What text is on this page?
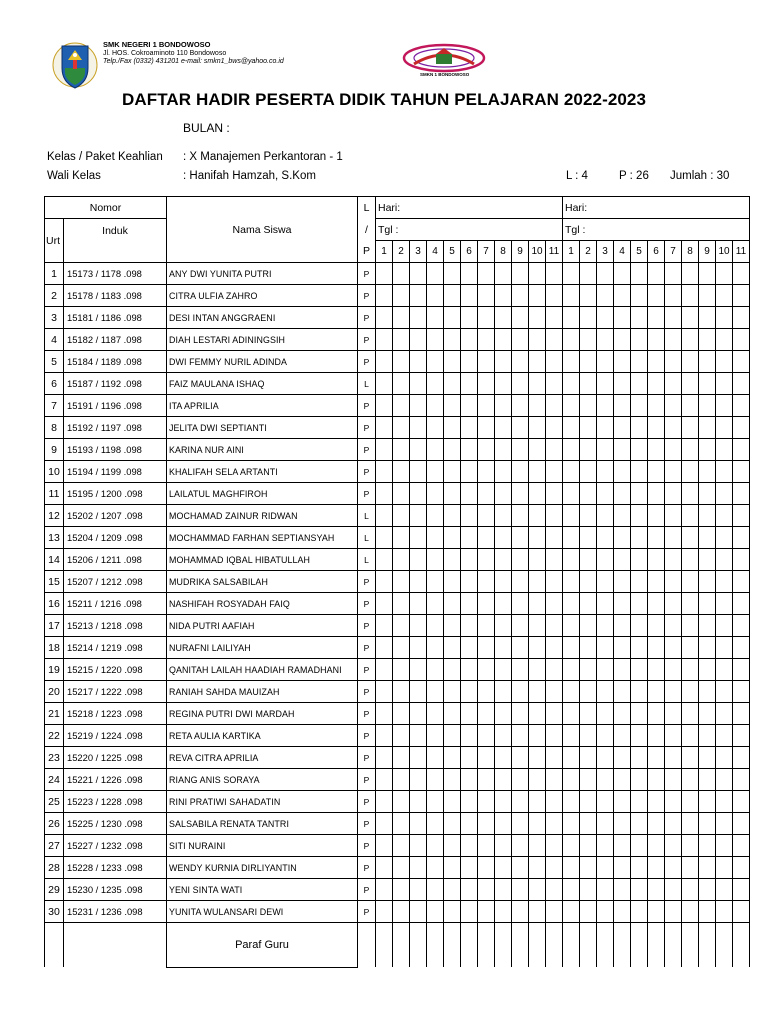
SMK NEGERI 1 BONDOWOSO
Jl. HOS. Cokroaminoto 110 Bondowoso
Telp./Fax (0332) 431201 e-mail: smkn1_bws@yahoo.co.id
SMKN 1 BONDOWOSO
DAFTAR HADIR PESERTA DIDIK TAHUN PELAJARAN 2022-2023
BULAN :
Kelas / Paket Keahlian : X Manajemen Perkantoran - 1
Wali Kelas	: Hanifah Hamzah, S.Kom	L : 4	P : 26 Jumlah : 30
Nomor		Nama Siswa	L	Hari:											Hari:										
Urt	Induk		/	Tgl :											Tgl :										
			P	1	2	3	4	5	6	7	8	9	10	11	1	2	3	4	5	6	7	8	9	10	11
1	15173 / 1178 .098	ANY DWI YUNITA PUTRI	P																						
2	15178 / 1183 .098	CITRA ULFIA ZAHRO	P																						
3	15181 / 1186 .098	DESI INTAN ANGGRAENI	P																						
4	15182 / 1187 .098	DIAH LESTARI ADININGSIH	P																						
5	15184 / 1189 .098	DWI FEMMY NURIL ADINDA	P																						
6	15187 / 1192 .098	FAIZ MAULANA ISHAQ	L																						
7	15191 / 1196 .098	ITA APRILIA	P																						
8	15192 / 1197 .098	JELITA DWI SEPTIANTI	P																						
9	15193 / 1198 .098	KARINA NUR AINI	P																						
10	15194 / 1199 .098	KHALIFAH SELA ARTANTI	P																						
11	15195 / 1200 .098	LAILATUL MAGHFIROH	P																						
12	15202 / 1207 .098	MOCHAMAD ZAINUR RIDWAN	L																						
13	15204 / 1209 .098	MOCHAMMAD FARHAN SEPTIANSYAH	L																						
14	15206 / 1211 .098	MOHAMMAD IQBAL HIBATULLAH	L																						
15	15207 / 1212 .098	MUDRIKA SALSABILAH	P																						
16	15211 / 1216 .098	NASHIFAH ROSYADAH FAIQ	P																						
17	15213 / 1218 .098	NIDA PUTRI AAFIAH	P																						
18	15214 / 1219 .098	NURAFNI LAILIYAH	P																						
19	15215 / 1220 .098	QANITAH LAILAH HAADIAH RAMADHANI	P																						
20	15217 / 1222 .098	RANIAH SAHDA MAUIZAH	P																						
21	15218 / 1223 .098	REGINA PUTRI DWI MARDAH	P																						
22	15219 / 1224 .098	RETA AULIA KARTIKA	P																						
23	15220 / 1225 .098	REVA CITRA APRILIA	P																						
24	15221 / 1226 .098	RIANG ANIS SORAYA	P																						
25	15223 / 1228 .098	RINI PRATIWI SAHADATIN	P																						
26	15225 / 1230 .098	SALSABILA RENATA TANTRI	P																						
27	15227 / 1232 .098	SITI NURAINI	P																						
28	15228 / 1233 .098	WENDY KURNIA DIRLIYANTIN	P																						
29	15230 / 1235 .098	YENI SINTA WATI	P																						
30	15231 / 1236 .098	YUNITA WULANSARI DEWI	P																						
		Paraf Guru																							
